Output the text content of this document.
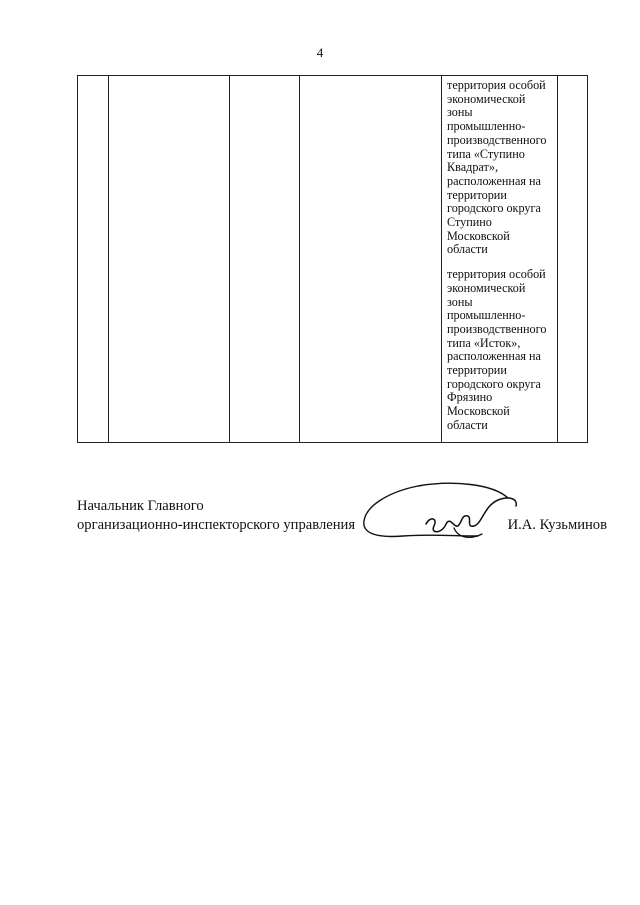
4

территория особой
экономической
зоны
промышленно-
производственного
типа «Ступино
Квадрат»,
расположенная на
территории
городского округа
Ступино
Московской
области
территория особой
экономической
зоны
промышленно-
производственного
типа «Исток»,
расположенная на
территории
городского округа
Фрязино
Московской
области

Начальник Главного
организационно-инспекторского управления	И.А. Кузьминов
